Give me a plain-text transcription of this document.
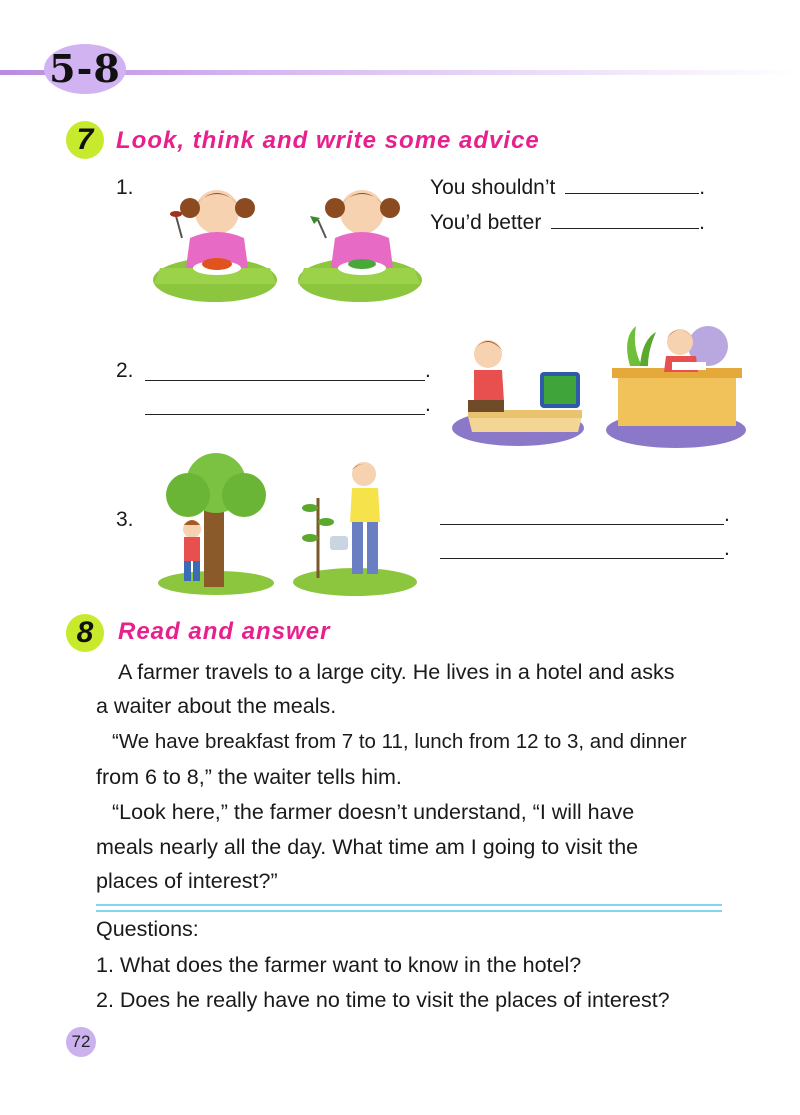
5-8
7 Look, think and write some advice
1.	You shouldn’t	.
You’d better	.
2.	.
.
3.	.
.
8	Read and answer
A farmer travels to a large city. He lives in a hotel and asks
a waiter about the meals.
“We have breakfast from 7 to 11, lunch from 12 to 3, and dinner
from 6 to 8,” the waiter tells him.
“Look here,” the farmer doesn’t understand, “I will have
meals nearly all the day. What time am I going to visit the
places of interest?”
Questions:
1. What does the farmer want to know in the hotel?
2. Does he really have no time to visit the places of interest?
72
